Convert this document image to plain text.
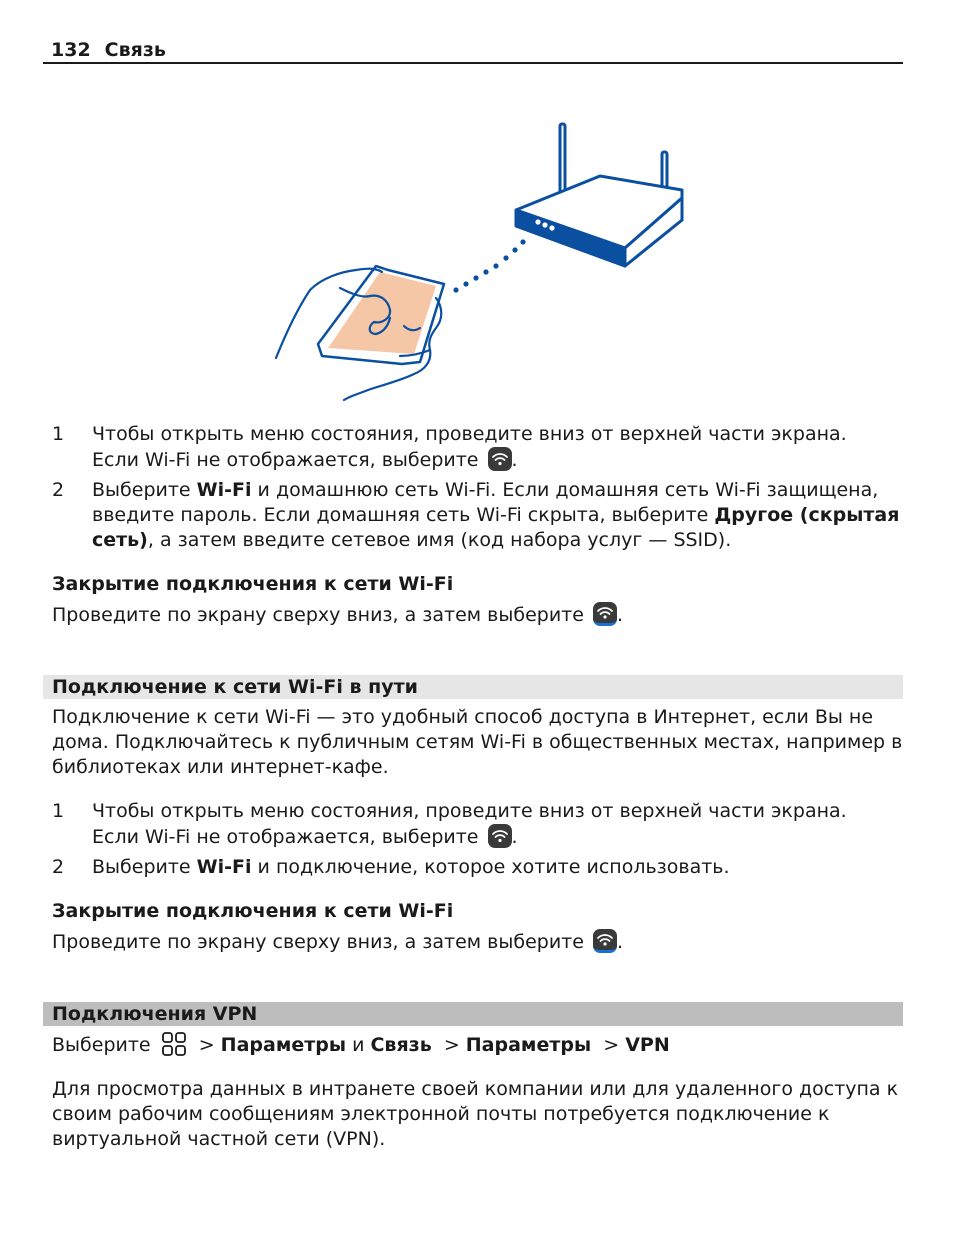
132 Связь
1 Чтобы открыть меню состояния, проведите вниз от верхней части экрана.
Если Wi-Fi не отображается, выберите .
2 Выберите Wi-Fi и домашнюю сеть Wi-Fi. Если домашняя сеть Wi-Fi защищена, введите пароль. Если домашняя сеть Wi-Fi скрыта, выберите Другое (скрытая сеть), а затем введите сетевое имя (код набора услуг — SSID).
Закрытие подключения к сети Wi-Fi
Проведите по экрану сверху вниз, а затем выберите .
Подключение к сети Wi-Fi в пути
Подключение к сети Wi-Fi — это удобный способ доступа в Интернет, если Вы не дома. Подключайтесь к публичным сетям Wi-Fi в общественных местах, например в библиотеках или интернет-кафе.
1 Чтобы открыть меню состояния, проведите вниз от верхней части экрана.
Если Wi-Fi не отображается, выберите .
2 Выберите Wi-Fi и подключение, которое хотите использовать.
Закрытие подключения к сети Wi-Fi
Проведите по экрану сверху вниз, а затем выберите .
Подключения VPN
Выберите	> Параметры и Связь > Параметры > VPN
Для просмотра данных в интранете своей компании или для удаленного доступа к своим рабочим сообщениям электронной почты потребуется подключение к виртуальной частной сети (VPN).
